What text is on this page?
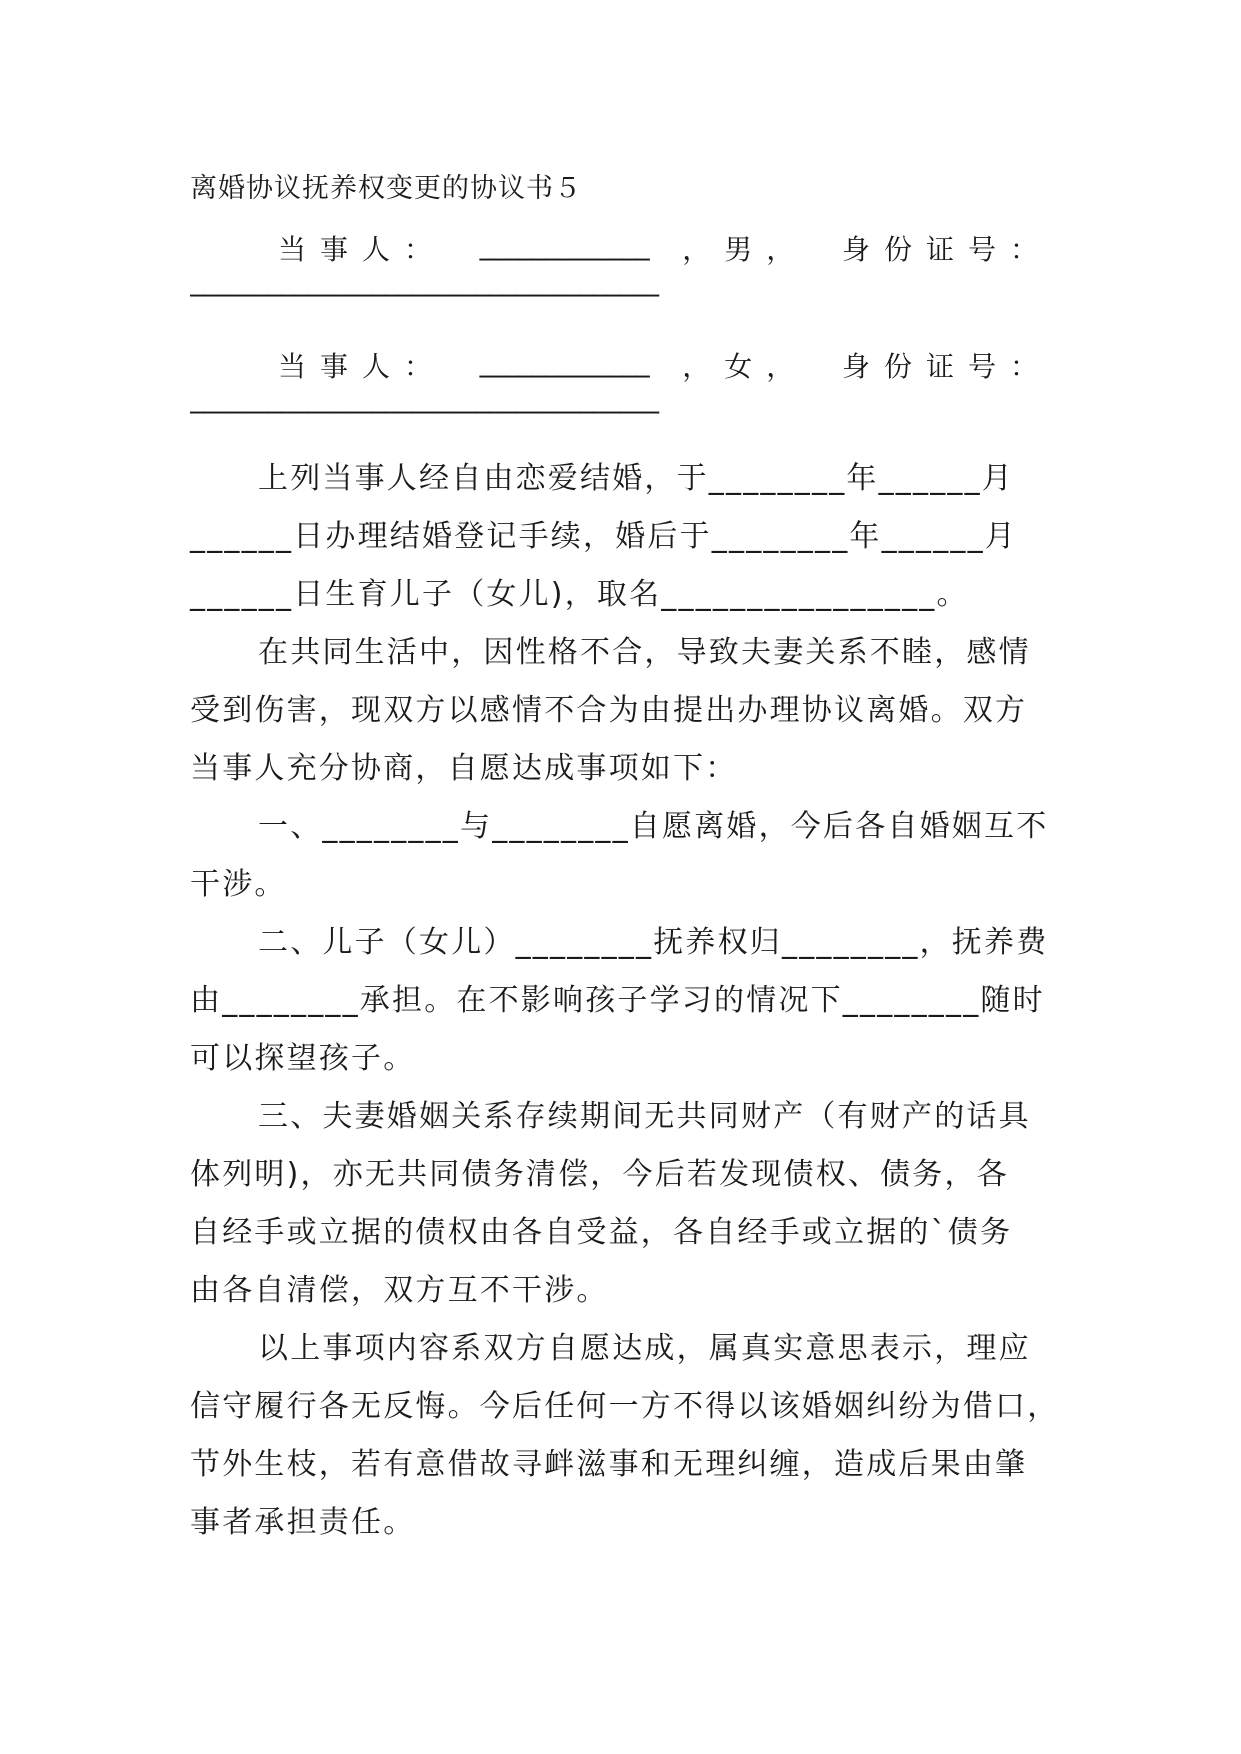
离婚协议抚养权变更的协议书５
当事人： _____________ ，男， 身份证号：
____________________________________
当事人： _____________ ，女， 身份证号：
____________________________________
上列当事人经自由恋爱结婚，于________年______月
______日办理结婚登记手续，婚后于________年______月
______日生育儿子（女儿)，取名________________。
在共同生活中，因性格不合，导致夫妻关系不睦，感情
受到伤害，现双方以感情不合为由提出办理协议离婚。双方
当事人充分协商，自愿达成事项如下：
一、________与________自愿离婚，今后各自婚姻互不
干涉。
二、儿子（女儿）________抚养权归________，抚养费
由________承担。在不影响孩子学习的情况下________随时
可以探望孩子。
三、夫妻婚姻关系存续期间无共同财产（有财产的话具
体列明)，亦无共同债务清偿，今后若发现债权、债务，各
自经手或立据的债权由各自受益，各自经手或立据的`债务
由各自清偿，双方互不干涉。
以上事项内容系双方自愿达成，属真实意思表示，理应
信守履行各无反悔。今后任何一方不得以该婚姻纠纷为借口，
节外生枝，若有意借故寻衅滋事和无理纠缠，造成后果由肇
事者承担责任。
